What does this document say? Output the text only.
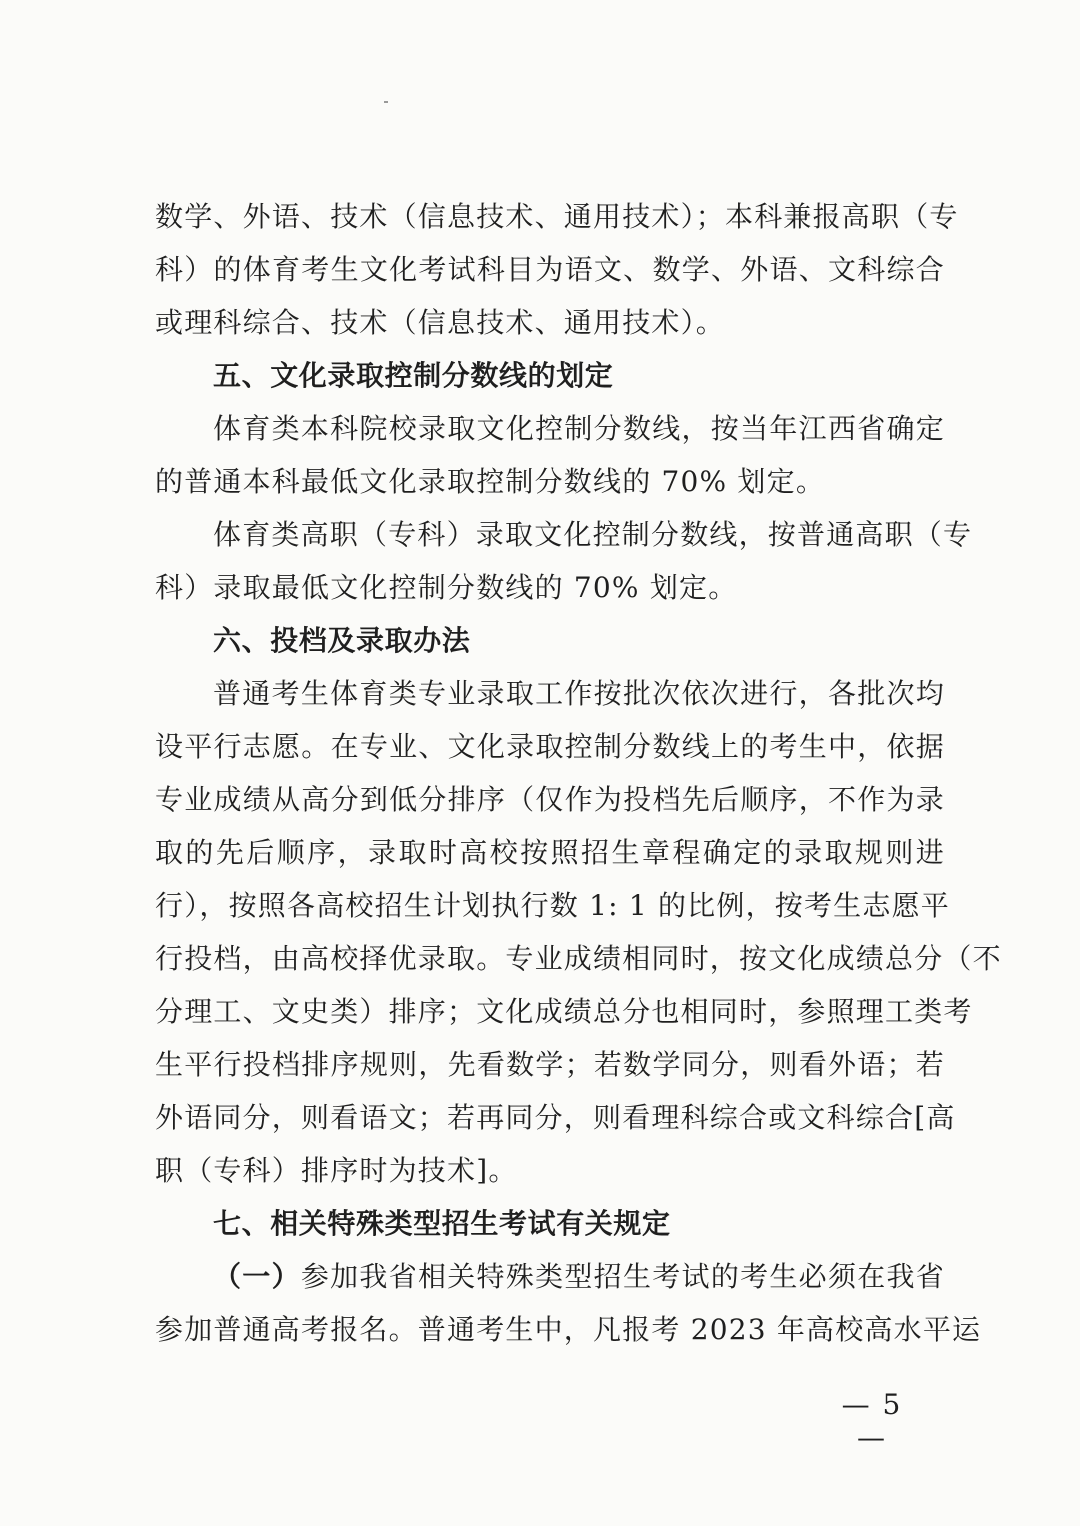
数学、外语、技术（信息技术、通用技术）；本科兼报高职（专
科）的体育考生文化考试科目为语文、数学、外语、文科综合
或理科综合、技术（信息技术、通用技术）。
五、文化录取控制分数线的划定
体育类本科院校录取文化控制分数线，按当年江西省确定
的普通本科最低文化录取控制分数线的 70% 划定。
体育类高职（专科）录取文化控制分数线，按普通高职（专
科）录取最低文化控制分数线的 70% 划定。
六、投档及录取办法
普通考生体育类专业录取工作按批次依次进行，各批次均
设平行志愿。在专业、文化录取控制分数线上的考生中，依据
专业成绩从高分到低分排序（仅作为投档先后顺序，不作为录
取的先后顺序，录取时高校按照招生章程确定的录取规则进
行），按照各高校招生计划执行数 1: 1 的比例，按考生志愿平
行投档，由高校择优录取。专业成绩相同时，按文化成绩总分（不
分理工、文史类）排序；文化成绩总分也相同时，参照理工类考
生平行投档排序规则，先看数学；若数学同分，则看外语；若
外语同分，则看语文；若再同分，则看理科综合或文科综合[高
职（专科）排序时为技术]。
七、相关特殊类型招生考试有关规定
（一）参加我省相关特殊类型招生考试的考生必须在我省
参加普通高考报名。普通考生中，凡报考 2023 年高校高水平运
— 5 —
